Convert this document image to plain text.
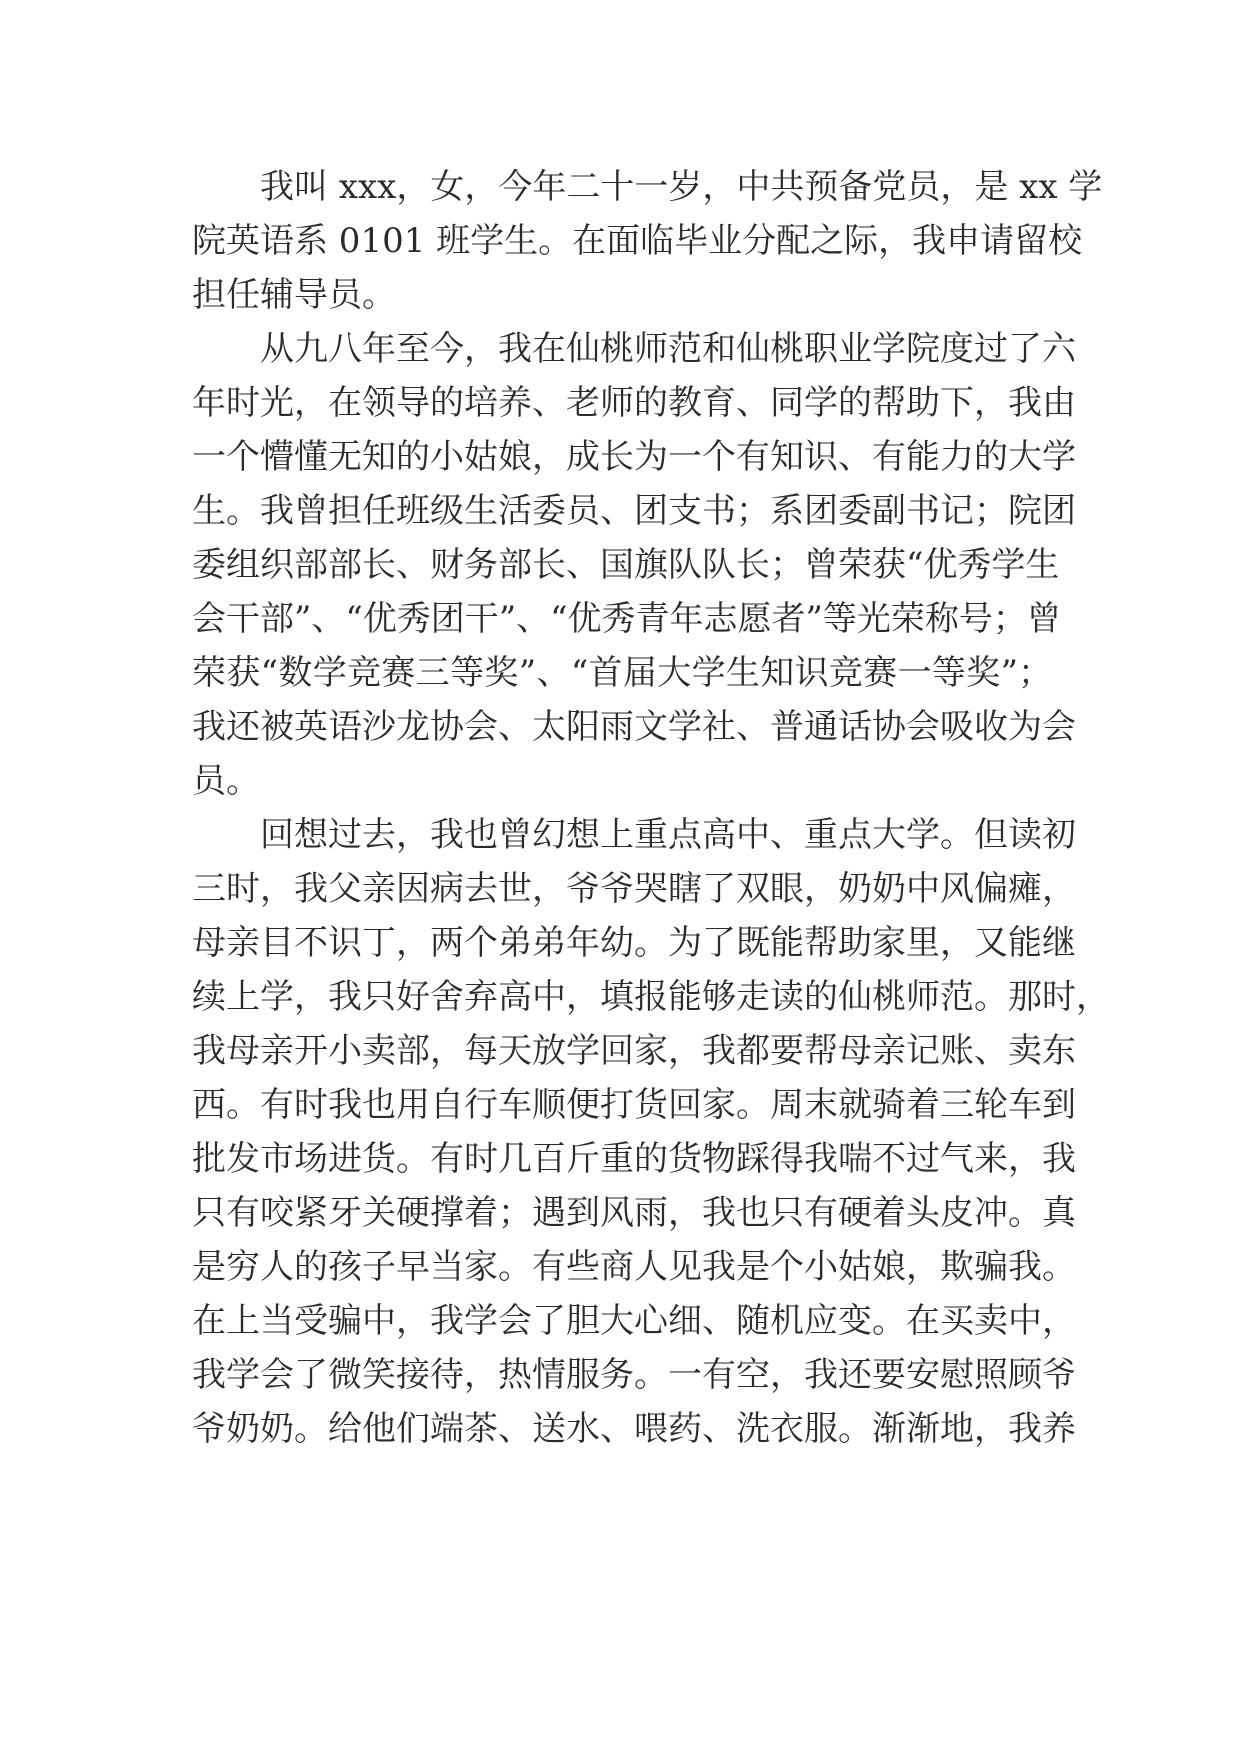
我叫 xxx，女，今年二十一岁，中共预备党员，是 xx 学
院英语系 0101 班学生。在面临毕业分配之际，我申请留校
担任辅导员。
从九八年至今，我在仙桃师范和仙桃职业学院度过了六
年时光，在领导的培养、老师的教育、同学的帮助下，我由
一个懵懂无知的小姑娘，成长为一个有知识、有能力的大学
生。我曾担任班级生活委员、团支书；系团委副书记；院团
委组织部部长、财务部长、国旗队队长；曾荣获“优秀学生
会干部”、“优秀团干”、“优秀青年志愿者”等光荣称号；曾
荣获“数学竞赛三等奖”、“首届大学生知识竞赛一等奖”；
我还被英语沙龙协会、太阳雨文学社、普通话协会吸收为会
员。
回想过去，我也曾幻想上重点高中、重点大学。但读初
三时，我父亲因病去世，爷爷哭瞎了双眼，奶奶中风偏瘫，
母亲目不识丁，两个弟弟年幼。为了既能帮助家里，又能继
续上学，我只好舍弃高中，填报能够走读的仙桃师范。那时，
我母亲开小卖部，每天放学回家，我都要帮母亲记账、卖东
西。有时我也用自行车顺便打货回家。周末就骑着三轮车到
批发市场进货。有时几百斤重的货物踩得我喘不过气来，我
只有咬紧牙关硬撑着；遇到风雨，我也只有硬着头皮冲。真
是穷人的孩子早当家。有些商人见我是个小姑娘，欺骗我。
在上当受骗中，我学会了胆大心细、随机应变。在买卖中，
我学会了微笑接待，热情服务。一有空，我还要安慰照顾爷
爷奶奶。给他们端茶、送水、喂药、洗衣服。渐渐地，我养
